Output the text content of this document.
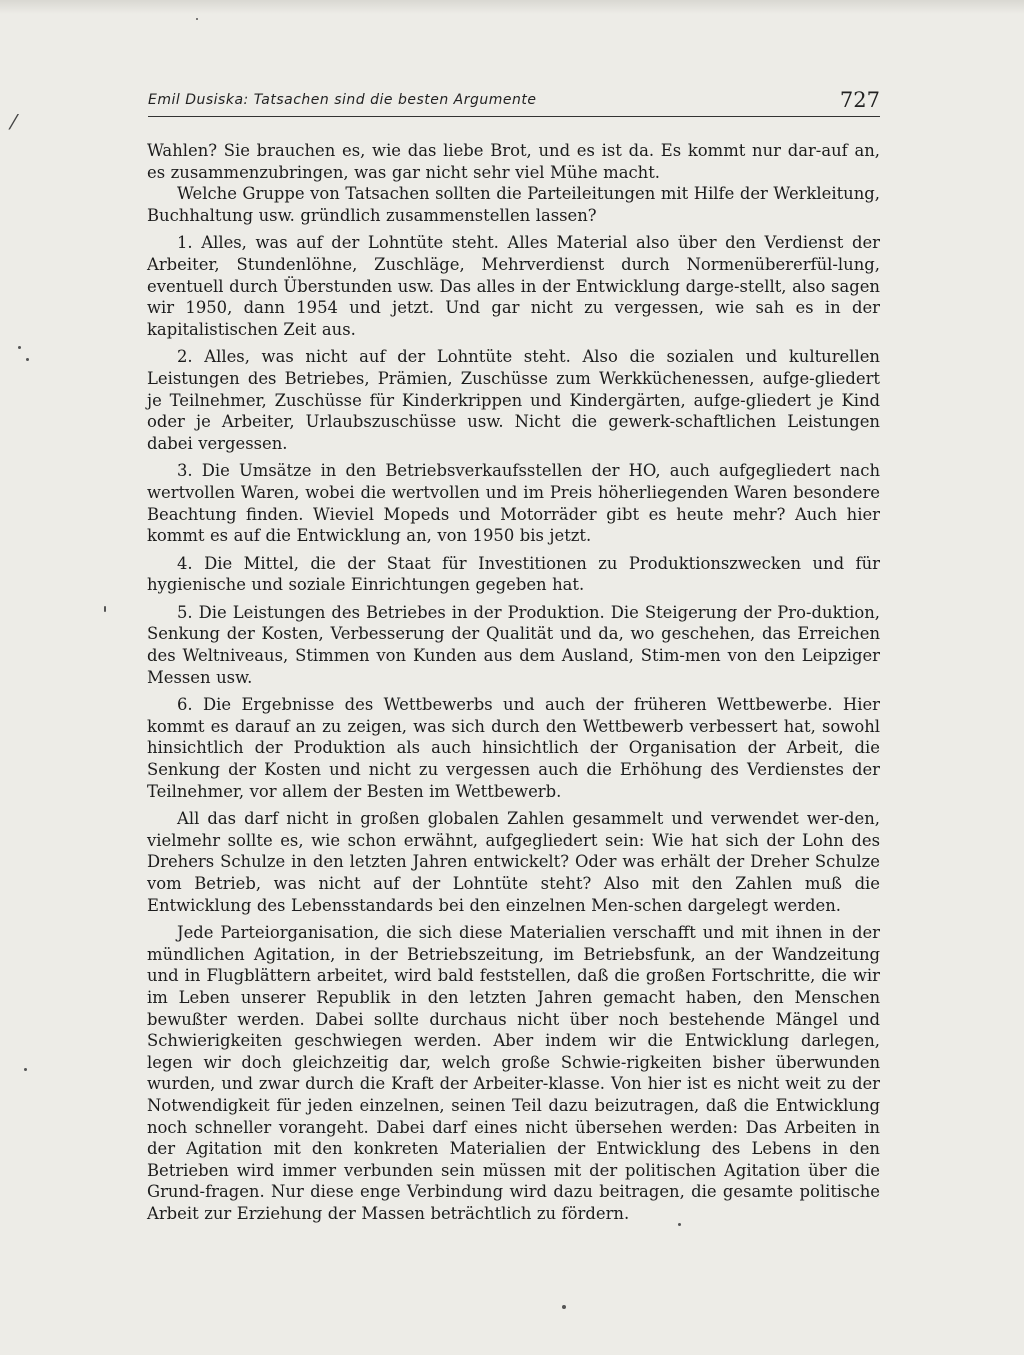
Emil Dusiska: Tatsachen sind die besten Argumente	727
⁄

Wahlen? Sie brauchen es, wie das liebe Brot, und es ist da. Es kommt nur dar-auf an, es zusammenzubringen, was gar nicht sehr viel Mühe macht.

Welche Gruppe von Tatsachen sollten die Parteileitungen mit Hilfe der Werkleitung, Buchhaltung usw. gründlich zusammenstellen lassen?

1. Alles, was auf der Lohntüte steht. Alles Material also über den Verdienst der Arbeiter, Stundenlöhne, Zuschläge, Mehrverdienst durch Normenübererfül-lung, eventuell durch Überstunden usw. Das alles in der Entwicklung darge-stellt, also sagen wir 1950, dann 1954 und jetzt. Und gar nicht zu vergessen, wie sah es in der kapitalistischen Zeit aus.

2. Alles, was nicht auf der Lohntüte steht. Also die sozialen und kulturellen Leistungen des Betriebes, Prämien, Zuschüsse zum Werkküchenessen, aufge-gliedert je Teilnehmer, Zuschüsse für Kinderkrippen und Kindergärten, aufge-gliedert je Kind oder je Arbeiter, Urlaubszuschüsse usw. Nicht die gewerk-schaftlichen Leistungen dabei vergessen.

3. Die Umsätze in den Betriebsverkaufsstellen der HO, auch aufgegliedert nach wertvollen Waren, wobei die wertvollen und im Preis höherliegenden Waren besondere Beachtung finden. Wieviel Mopeds und Motorräder gibt es heute mehr? Auch hier kommt es auf die Entwicklung an, von 1950 bis jetzt.

4. Die Mittel, die der Staat für Investitionen zu Produktionszwecken und für hygienische und soziale Einrichtungen gegeben hat.

5. Die Leistungen des Betriebes in der Produktion. Die Steigerung der Pro-duktion, Senkung der Kosten, Verbesserung der Qualität und da, wo geschehen, das Erreichen des Weltniveaus, Stimmen von Kunden aus dem Ausland, Stim-men von den Leipziger Messen usw.

6. Die Ergebnisse des Wettbewerbs und auch der früheren Wettbewerbe. Hier kommt es darauf an zu zeigen, was sich durch den Wettbewerb verbessert hat, sowohl hinsichtlich der Produktion als auch hinsichtlich der Organisation der Arbeit, die Senkung der Kosten und nicht zu vergessen auch die Erhöhung des Verdienstes der Teilnehmer, vor allem der Besten im Wettbewerb.

All das darf nicht in großen globalen Zahlen gesammelt und verwendet wer-den, vielmehr sollte es, wie schon erwähnt, aufgegliedert sein: Wie hat sich der Lohn des Drehers Schulze in den letzten Jahren entwickelt? Oder was erhält der Dreher Schulze vom Betrieb, was nicht auf der Lohntüte steht? Also mit den Zahlen muß die Entwicklung des Lebensstandards bei den einzelnen Men-schen dargelegt werden.

Jede Parteiorganisation, die sich diese Materialien verschafft und mit ihnen in der mündlichen Agitation, in der Betriebszeitung, im Betriebsfunk, an der Wandzeitung und in Flugblättern arbeitet, wird bald feststellen, daß die großen Fortschritte, die wir im Leben unserer Republik in den letzten Jahren gemacht haben, den Menschen bewußter werden. Dabei sollte durchaus nicht über noch bestehende Mängel und Schwierigkeiten geschwiegen werden. Aber indem wir die Entwicklung darlegen, legen wir doch gleichzeitig dar, welch große Schwie-rigkeiten bisher überwunden wurden, und zwar durch die Kraft der Arbeiter-klasse. Von hier ist es nicht weit zu der Notwendigkeit für jeden einzelnen, seinen Teil dazu beizutragen, daß die Entwicklung noch schneller vorangeht. Dabei darf eines nicht übersehen werden: Das Arbeiten in der Agitation mit den konkreten Materialien der Entwicklung des Lebens in den Betrieben wird immer verbunden sein müssen mit der politischen Agitation über die Grund-fragen. Nur diese enge Verbindung wird dazu beitragen, die gesamte politische Arbeit zur Erziehung der Massen beträchtlich zu fördern.
